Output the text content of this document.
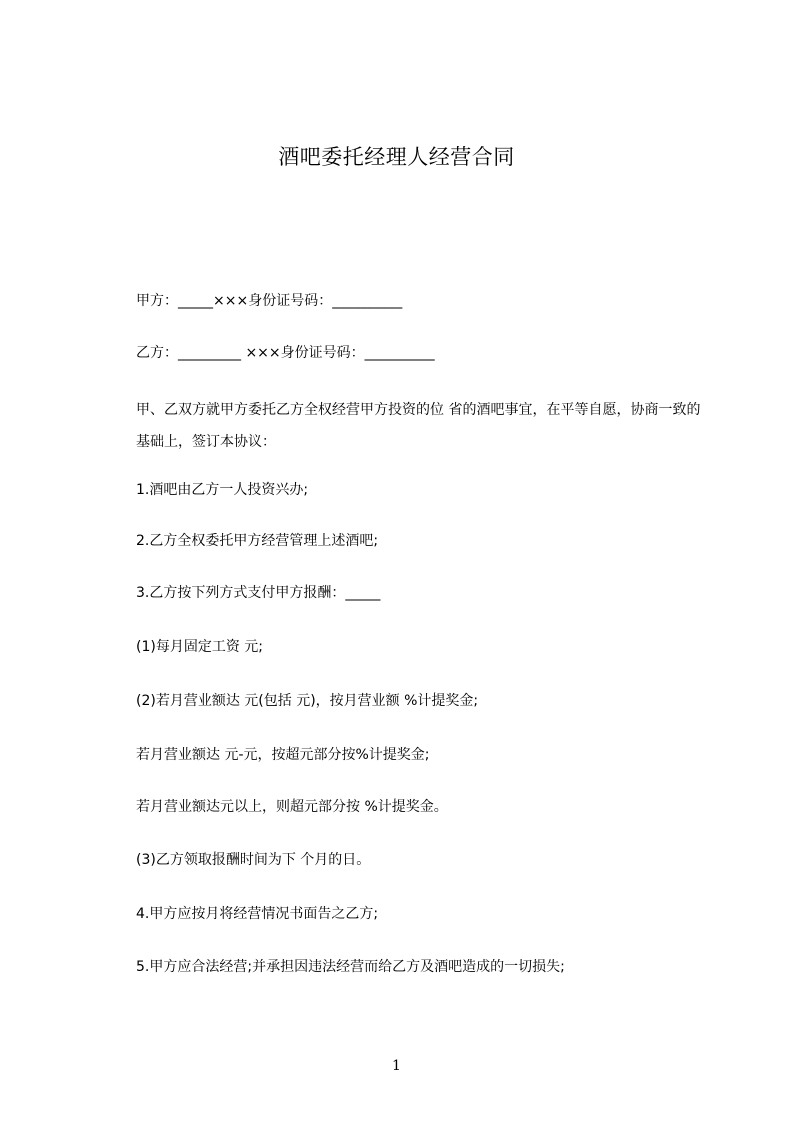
酒吧委托经理人经营合同
甲方：_____×××身份证号码：__________
乙方：_________ ×××身份证号码：__________
甲、乙双方就甲方委托乙方全权经营甲方投资的位 省的酒吧事宜，在平等自愿，协商一致的基础上，签订本协议：
1.酒吧由乙方一人投资兴办;
2.乙方全权委托甲方经营管理上述酒吧;
3.乙方按下列方式支付甲方报酬：_____
(1)每月固定工资 元;
(2)若月营业额达 元(包括 元)，按月营业额 %计提奖金;
若月营业额达 元-元，按超元部分按%计提奖金;
若月营业额达元以上，则超元部分按 %计提奖金。
(3)乙方领取报酬时间为下 个月的日。
4.甲方应按月将经营情况书面告之乙方;
5.甲方应合法经营;并承担因违法经营而给乙方及酒吧造成的一切损失;
1
